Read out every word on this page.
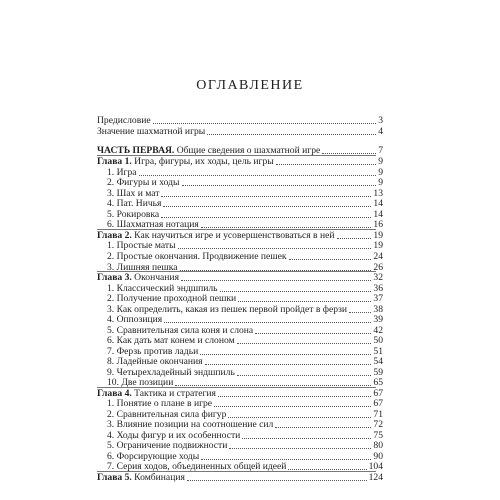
ОГЛАВЛЕНИЕ
Предисловие	3
Значение шахматной игры	4
ЧАСТЬ ПЕРВАЯ. Общие сведения о шахматной игре	7
Глава 1. Игра, фигуры, их ходы, цель игры	9
1. Игра	9
2. Фигуры и ходы	9
3. Шах и мат	13
4. Пат. Ничья	14
5. Рокировка	14
6. Шахматная нотация	16
Глава 2. Как научиться игре и усовершенствоваться в ней	19
1. Простые маты	19
2. Простые окончания. Продвижение пешек	24
3. Лишняя пешка	26
Глава 3. Окончания	32
1. Классический эндшпиль	36
2. Получение проходной пешки	37
3. Как определить, какая из пешек первой пройдет в ферзи	38
4. Оппозиция	39
5. Сравнительная сила коня и слона	42
6. Как дать мат конем и слоном	50
7. Ферзь против ладьи	51
8. Ладейные окончания	54
9. Четырехладейный эндшпиль	59
10. Две позиции	65
Глава 4. Тактика и стратегия	67
1. Понятие о плане в игре	67
2. Сравнительная сила фигур	71
3. Влияние позиции на соотношение сил	72
4. Ходы фигур и их особенности	75
5. Ограничение подвижности	80
6. Форсирующие ходы	90
7. Серия ходов, объединенных общей идеей	104
Глава 5. Комбинация	124
